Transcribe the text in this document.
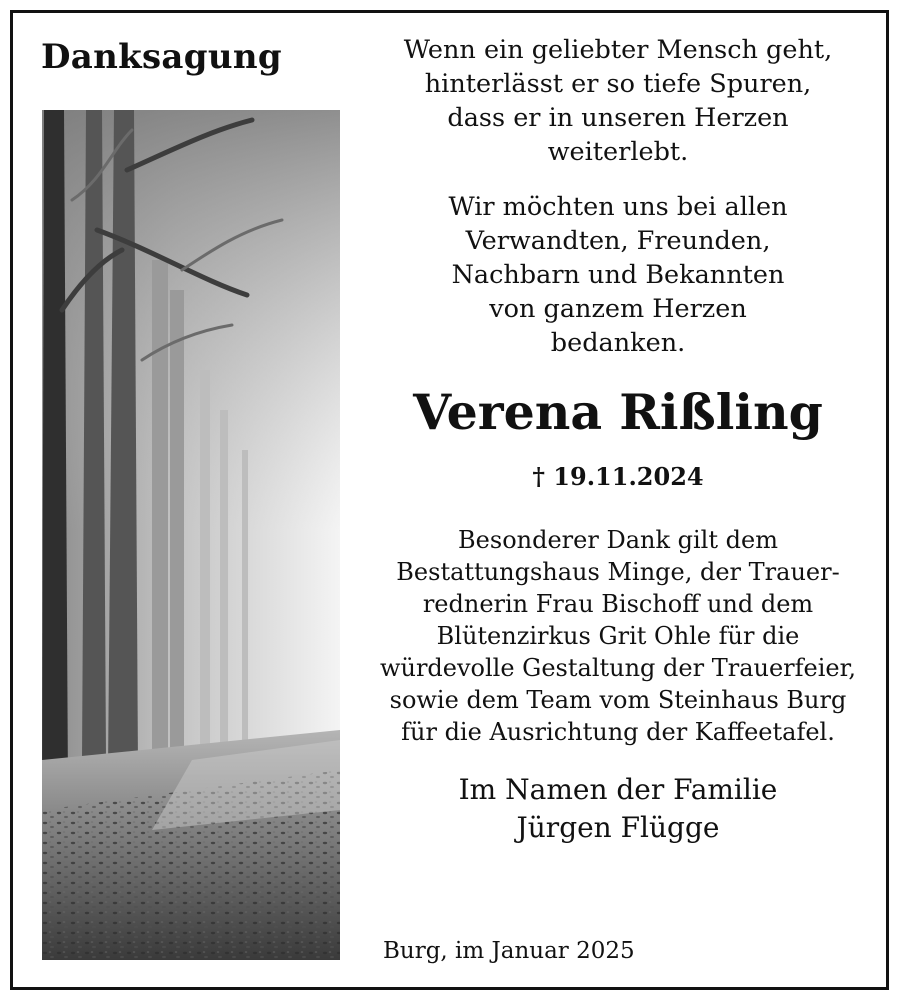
Danksagung	Wenn ein geliebter Mensch geht,
hinterlässt er so tiefe Spuren,
dass er in unseren Herzen
weiterlebt.

Wir möchten uns bei allen
Verwandten, Freunden,
Nachbarn und Bekannten
von ganzem Herzen
bedanken.

Verena Rißling

† 19.11.2024

Besonderer Dank gilt dem
Bestattungshaus Minge, der Trauer-
rednerin Frau Bischoff und dem
Blütenzirkus Grit Ohle für die
würdevolle Gestaltung der Trauerfeier,
sowie dem Team vom Steinhaus Burg
für die Ausrichtung der Kaffeetafel.

Im Namen der Familie
Jürgen Flügge

Burg, im Januar 2025
